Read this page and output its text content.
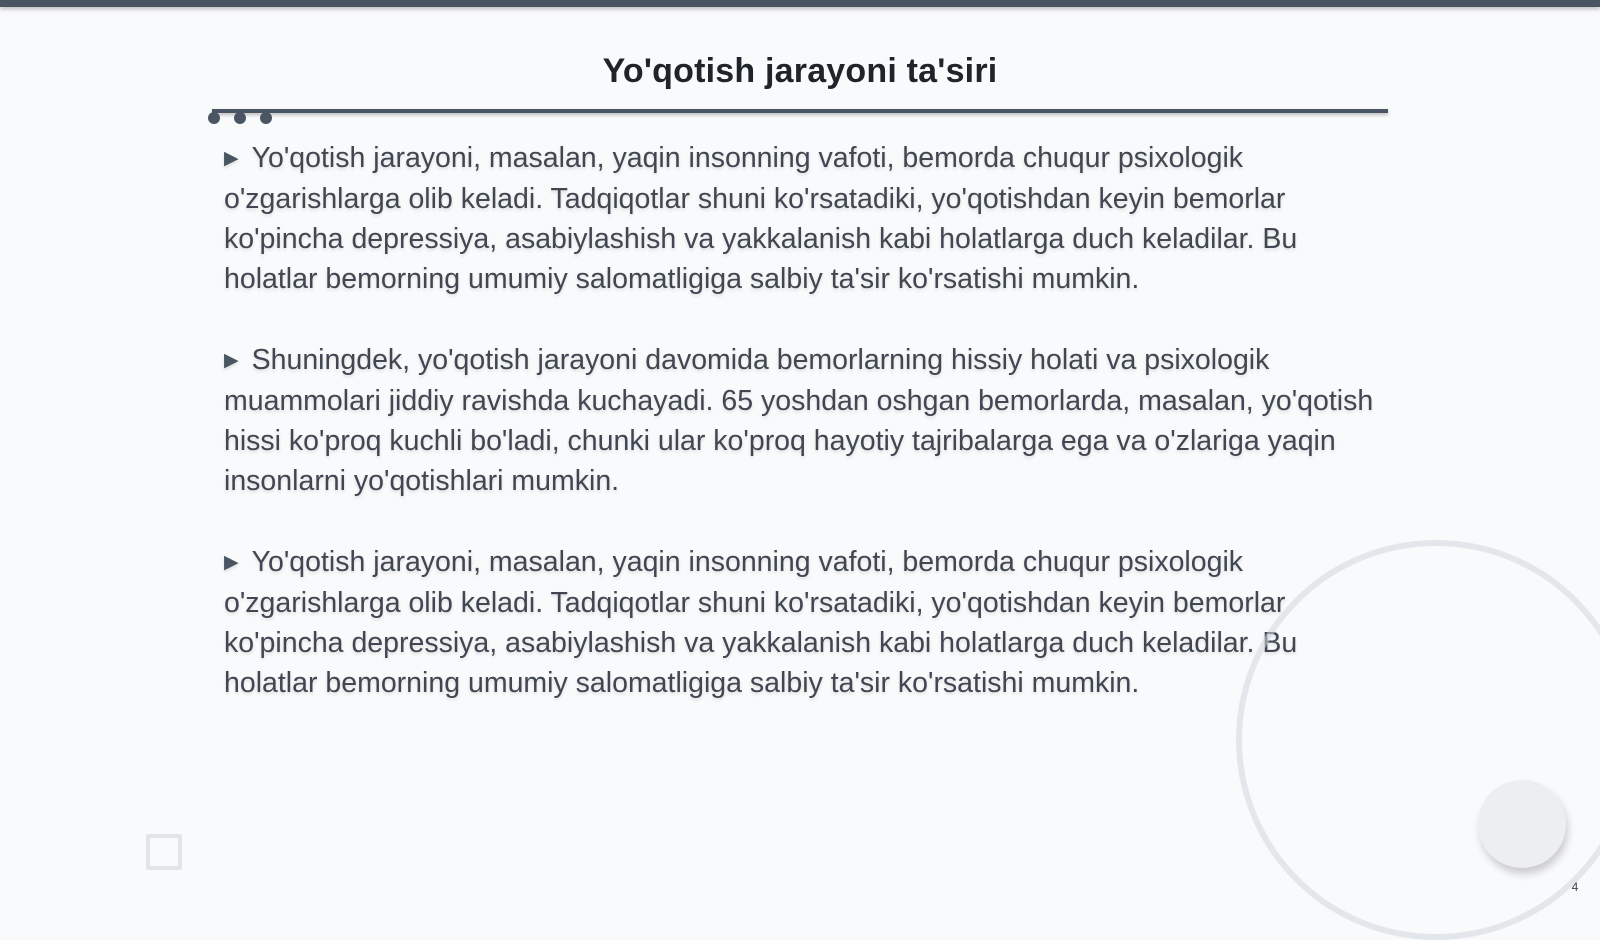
Yo'qotish jarayoni ta'siri

▶ Yo'qotish jarayoni, masalan, yaqin insonning vafoti, bemorda chuqur psixologik o'zgarishlarga olib keladi. Tadqiqotlar shuni ko'rsatadiki, yo'qotishdan keyin bemorlar ko'pincha depressiya, asabiylashish va yakkalanish kabi holatlarga duch keladilar. Bu holatlar bemorning umumiy salomatligiga salbiy ta'sir ko'rsatishi mumkin.

▶ Shuningdek, yo'qotish jarayoni davomida bemorlarning hissiy holati va psixologik muammolari jiddiy ravishda kuchayadi. 65 yoshdan oshgan bemorlarda, masalan, yo'qotish hissi ko'proq kuchli bo'ladi, chunki ular ko'proq hayotiy tajribalarga ega va o'zlariga yaqin insonlarni yo'qotishlari mumkin.

▶ Yo'qotish jarayoni, masalan, yaqin insonning vafoti, bemorda chuqur psixologik o'zgarishlarga olib keladi. Tadqiqotlar shuni ko'rsatadiki, yo'qotishdan keyin bemorlar ko'pincha depressiya, asabiylashish va yakkalanish kabi holatlarga duch keladilar. Bu holatlar bemorning umumiy salomatligiga salbiy ta'sir ko'rsatishi mumkin.

4
